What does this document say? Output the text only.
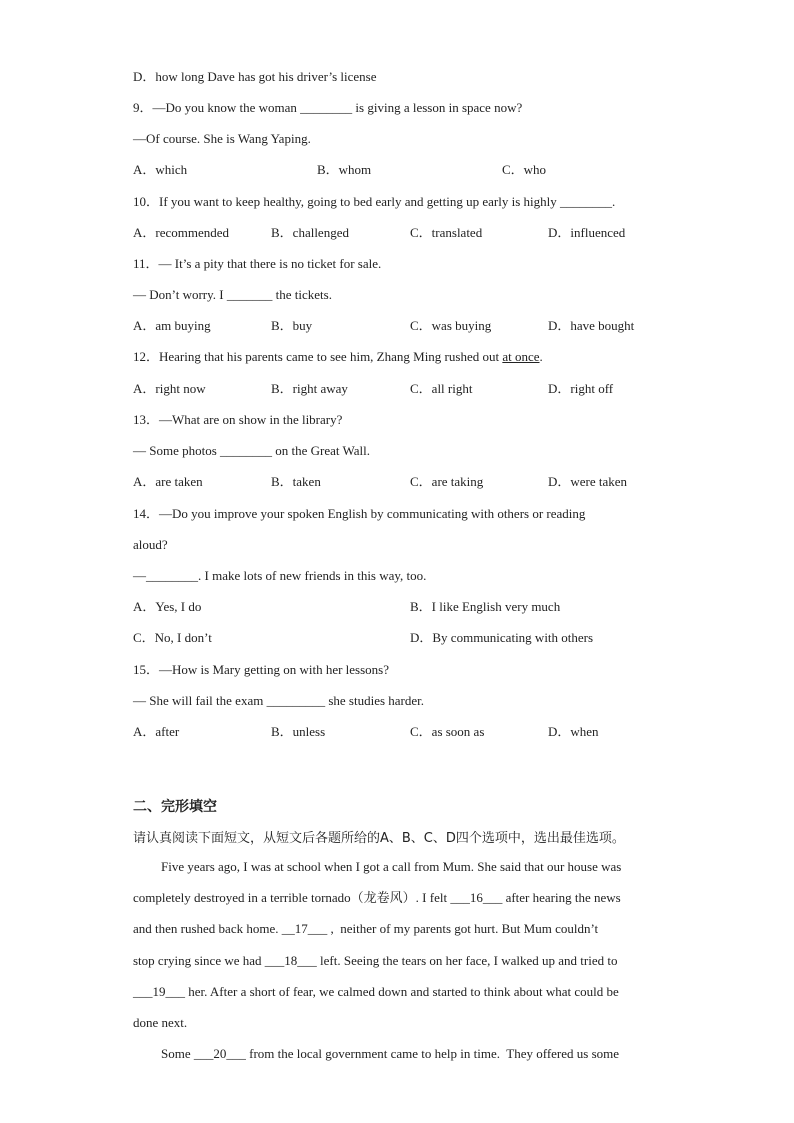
D．how long Dave has got his driver’s license
9．—Do you know the woman ________ is giving a lesson in space now?
—Of course. She is Wang Yaping.
A．which	B．whom	C．who
10．If you want to keep healthy, going to bed early and getting up early is highly ________.
A．recommended	B．challenged	C．translated	D．influenced
11．— It’s a pity that there is no ticket for sale.
— Don’t worry. I _______ the tickets.
A．am buying	B．buy	C．was buying	D．have bought
12．Hearing that his parents came to see him, Zhang Ming rushed out at once.
A．right now	B．right away	C．all right	D．right off
13．—What are on show in the library?
— Some photos ________ on the Great Wall.
A．are taken	B．taken	C．are taking	D．were taken
14．—Do you improve your spoken English by communicating with others or reading
aloud?
—________. I make lots of new friends in this way, too.
A．Yes, I do	B．I like English very much
C．No, I don’t	D．By communicating with others
15．—How is Mary getting on with her lessons?
— She will fail the exam _________ she studies harder.
A．after	B．unless	C．as soon as	D．when
二、完形填空
请认真阅读下面短文，从短文后各题所给的A、B、C、D四个选项中，选出最佳选项。
Five years ago, I was at school when I got a call from Mum. She said that our house was
completely destroyed in a terrible tornado（龙卷风）. I felt ___16___ after hearing the news
and then rushed back home. __17___ ,  neither of my parents got hurt. But Mum couldn’t
stop crying since we had ___18___ left. Seeing the tears on her face, I walked up and tried to
___19___ her. After a short of fear, we calmed down and started to think about what could be
done next.
Some ___20___ from the local government came to help in time.  They offered us some
